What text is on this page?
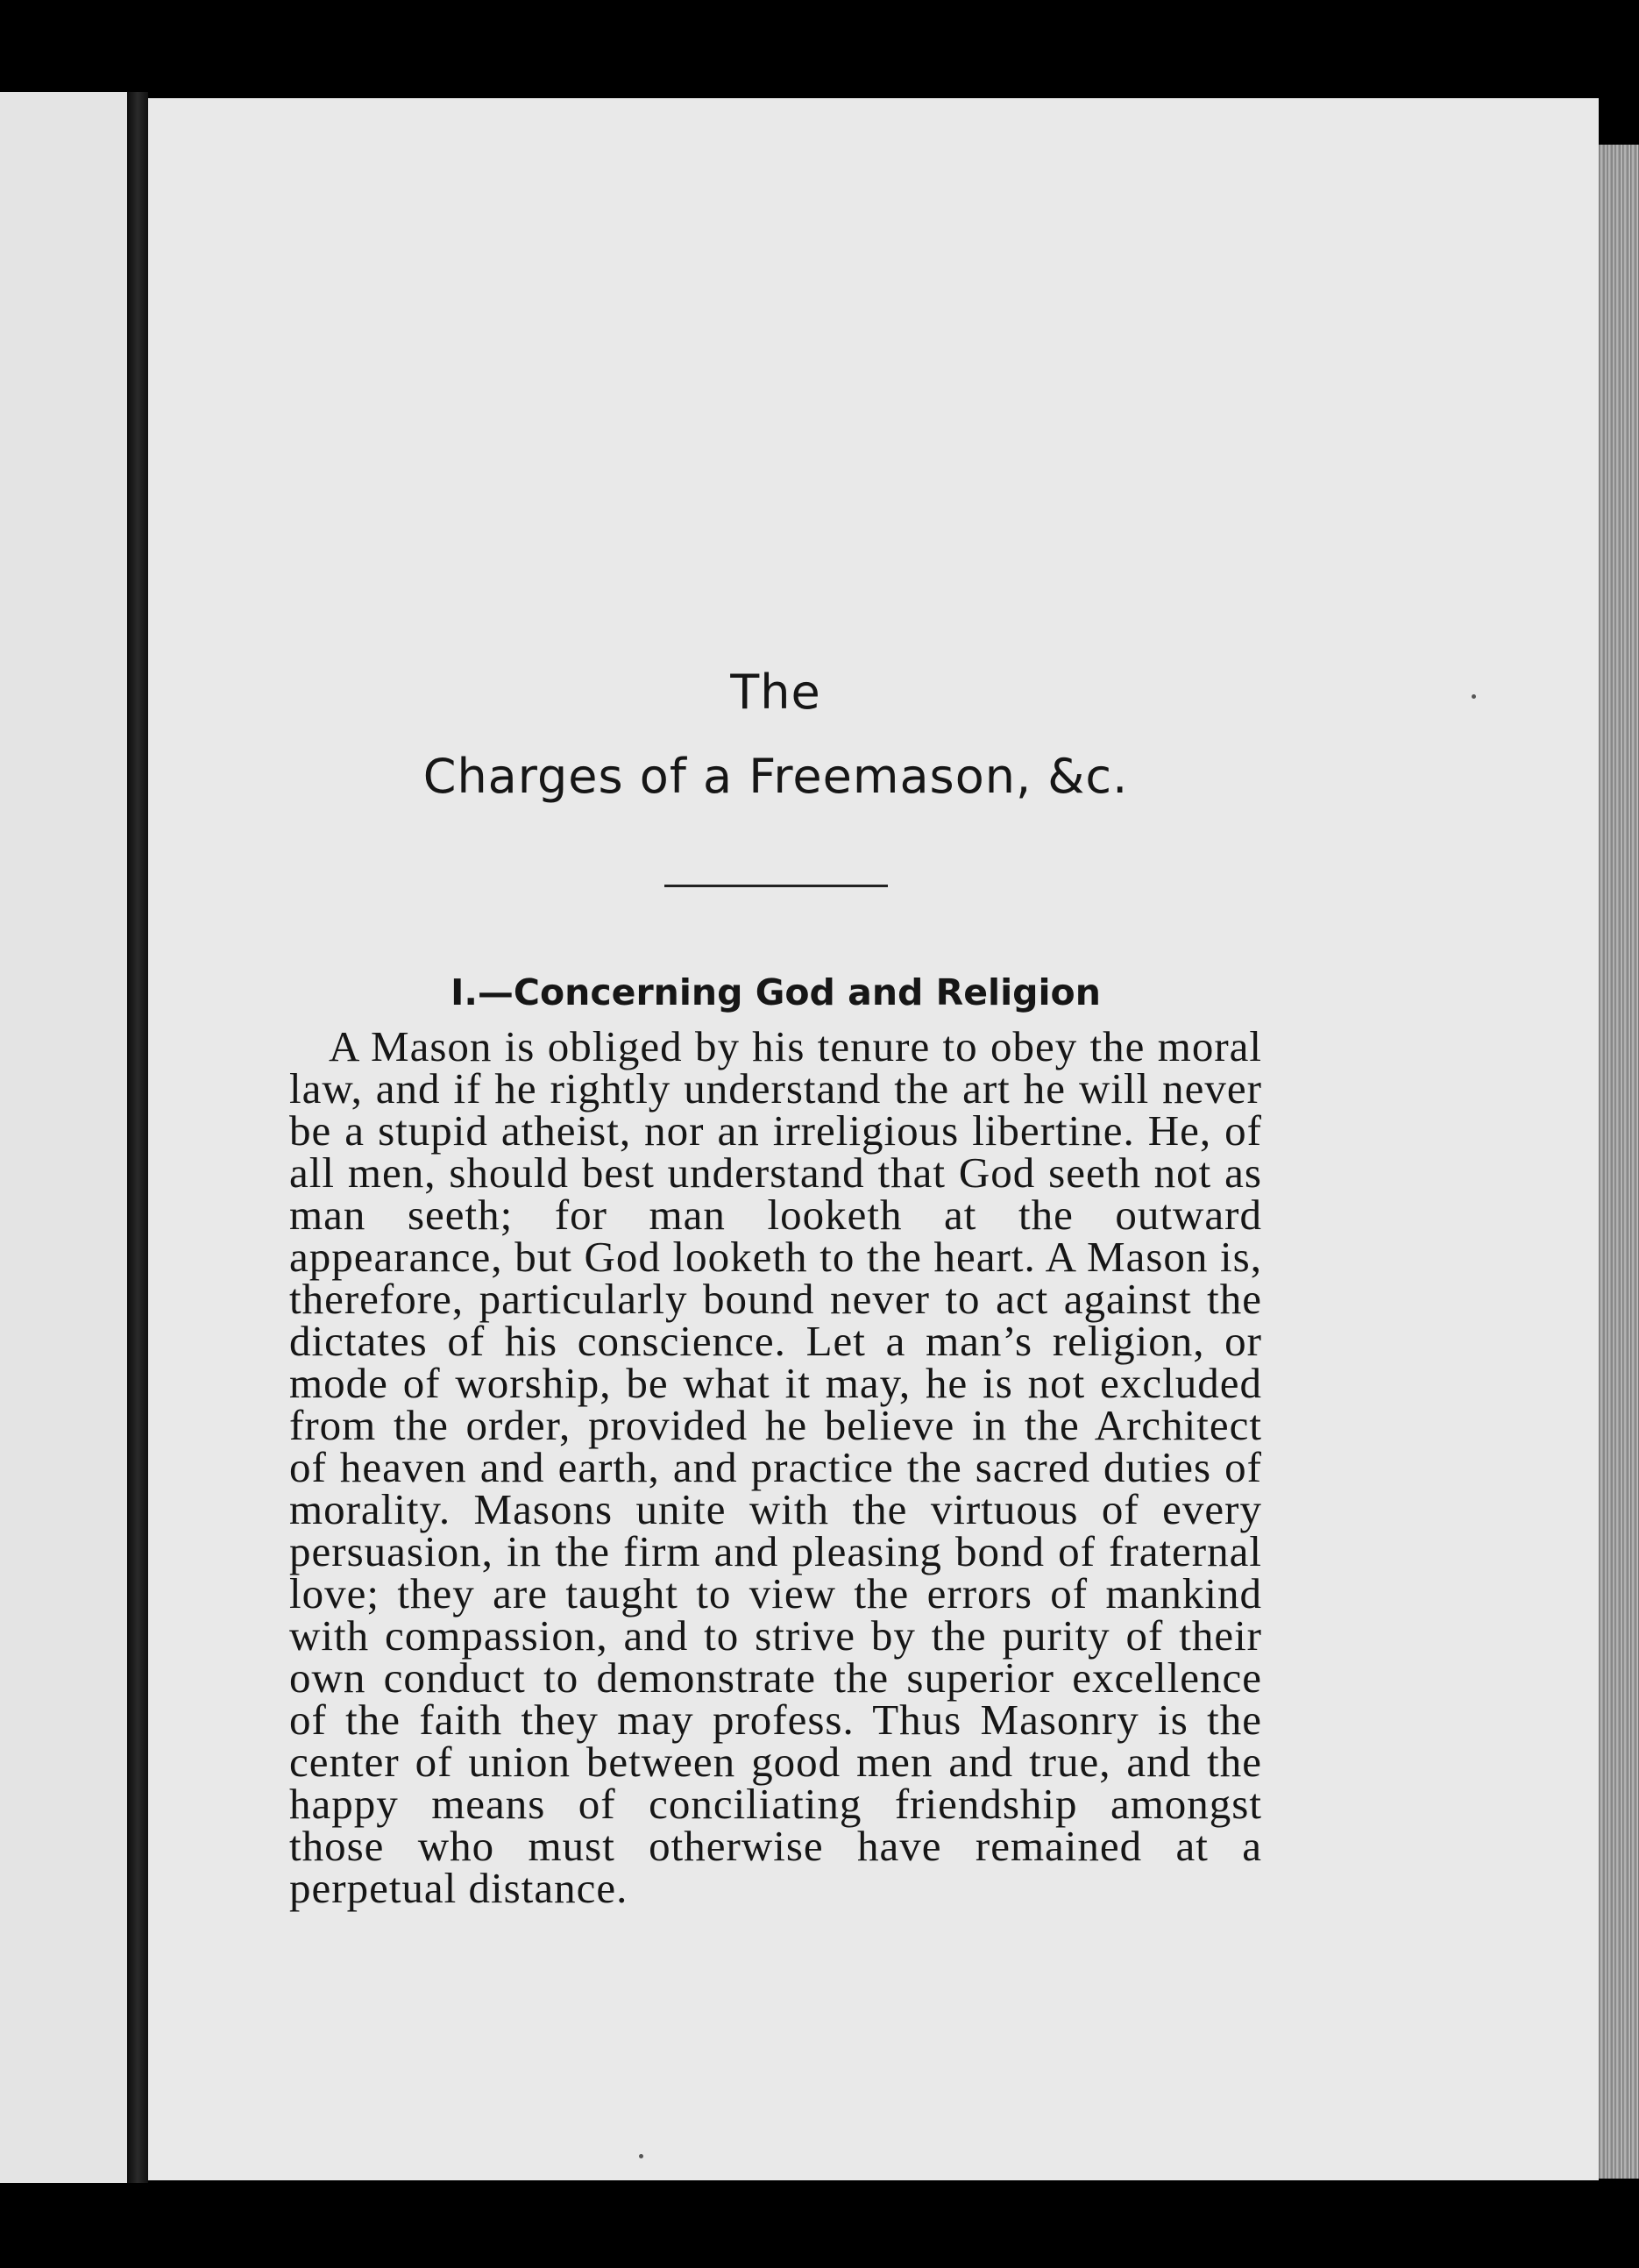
The
Charges of a Freemason, &c.
I.—Concerning God and Religion

A Mason is obliged by his tenure to obey the moral law, and if he rightly understand the art he will never be a stupid atheist, nor an irreligious libertine. He, of all men, should best understand that God seeth not as man seeth; for man looketh at the outward appearance, but God looketh to the heart. A Mason is, therefore, particularly bound never to act against the dictates of his conscience. Let a man’s religion, or mode of worship, be what it may, he is not excluded from the order, provided he believe in the Architect of heaven and earth, and practice the sacred duties of morality. Masons unite with the virtuous of every persuasion, in the firm and pleasing bond of fraternal love; they are taught to view the errors of mankind with compassion, and to strive by the purity of their own conduct to demonstrate the superior excellence of the faith they may profess. Thus Masonry is the center of union between good men and true, and the happy means of conciliating friendship amongst those who must otherwise have remained at a perpetual distance.
